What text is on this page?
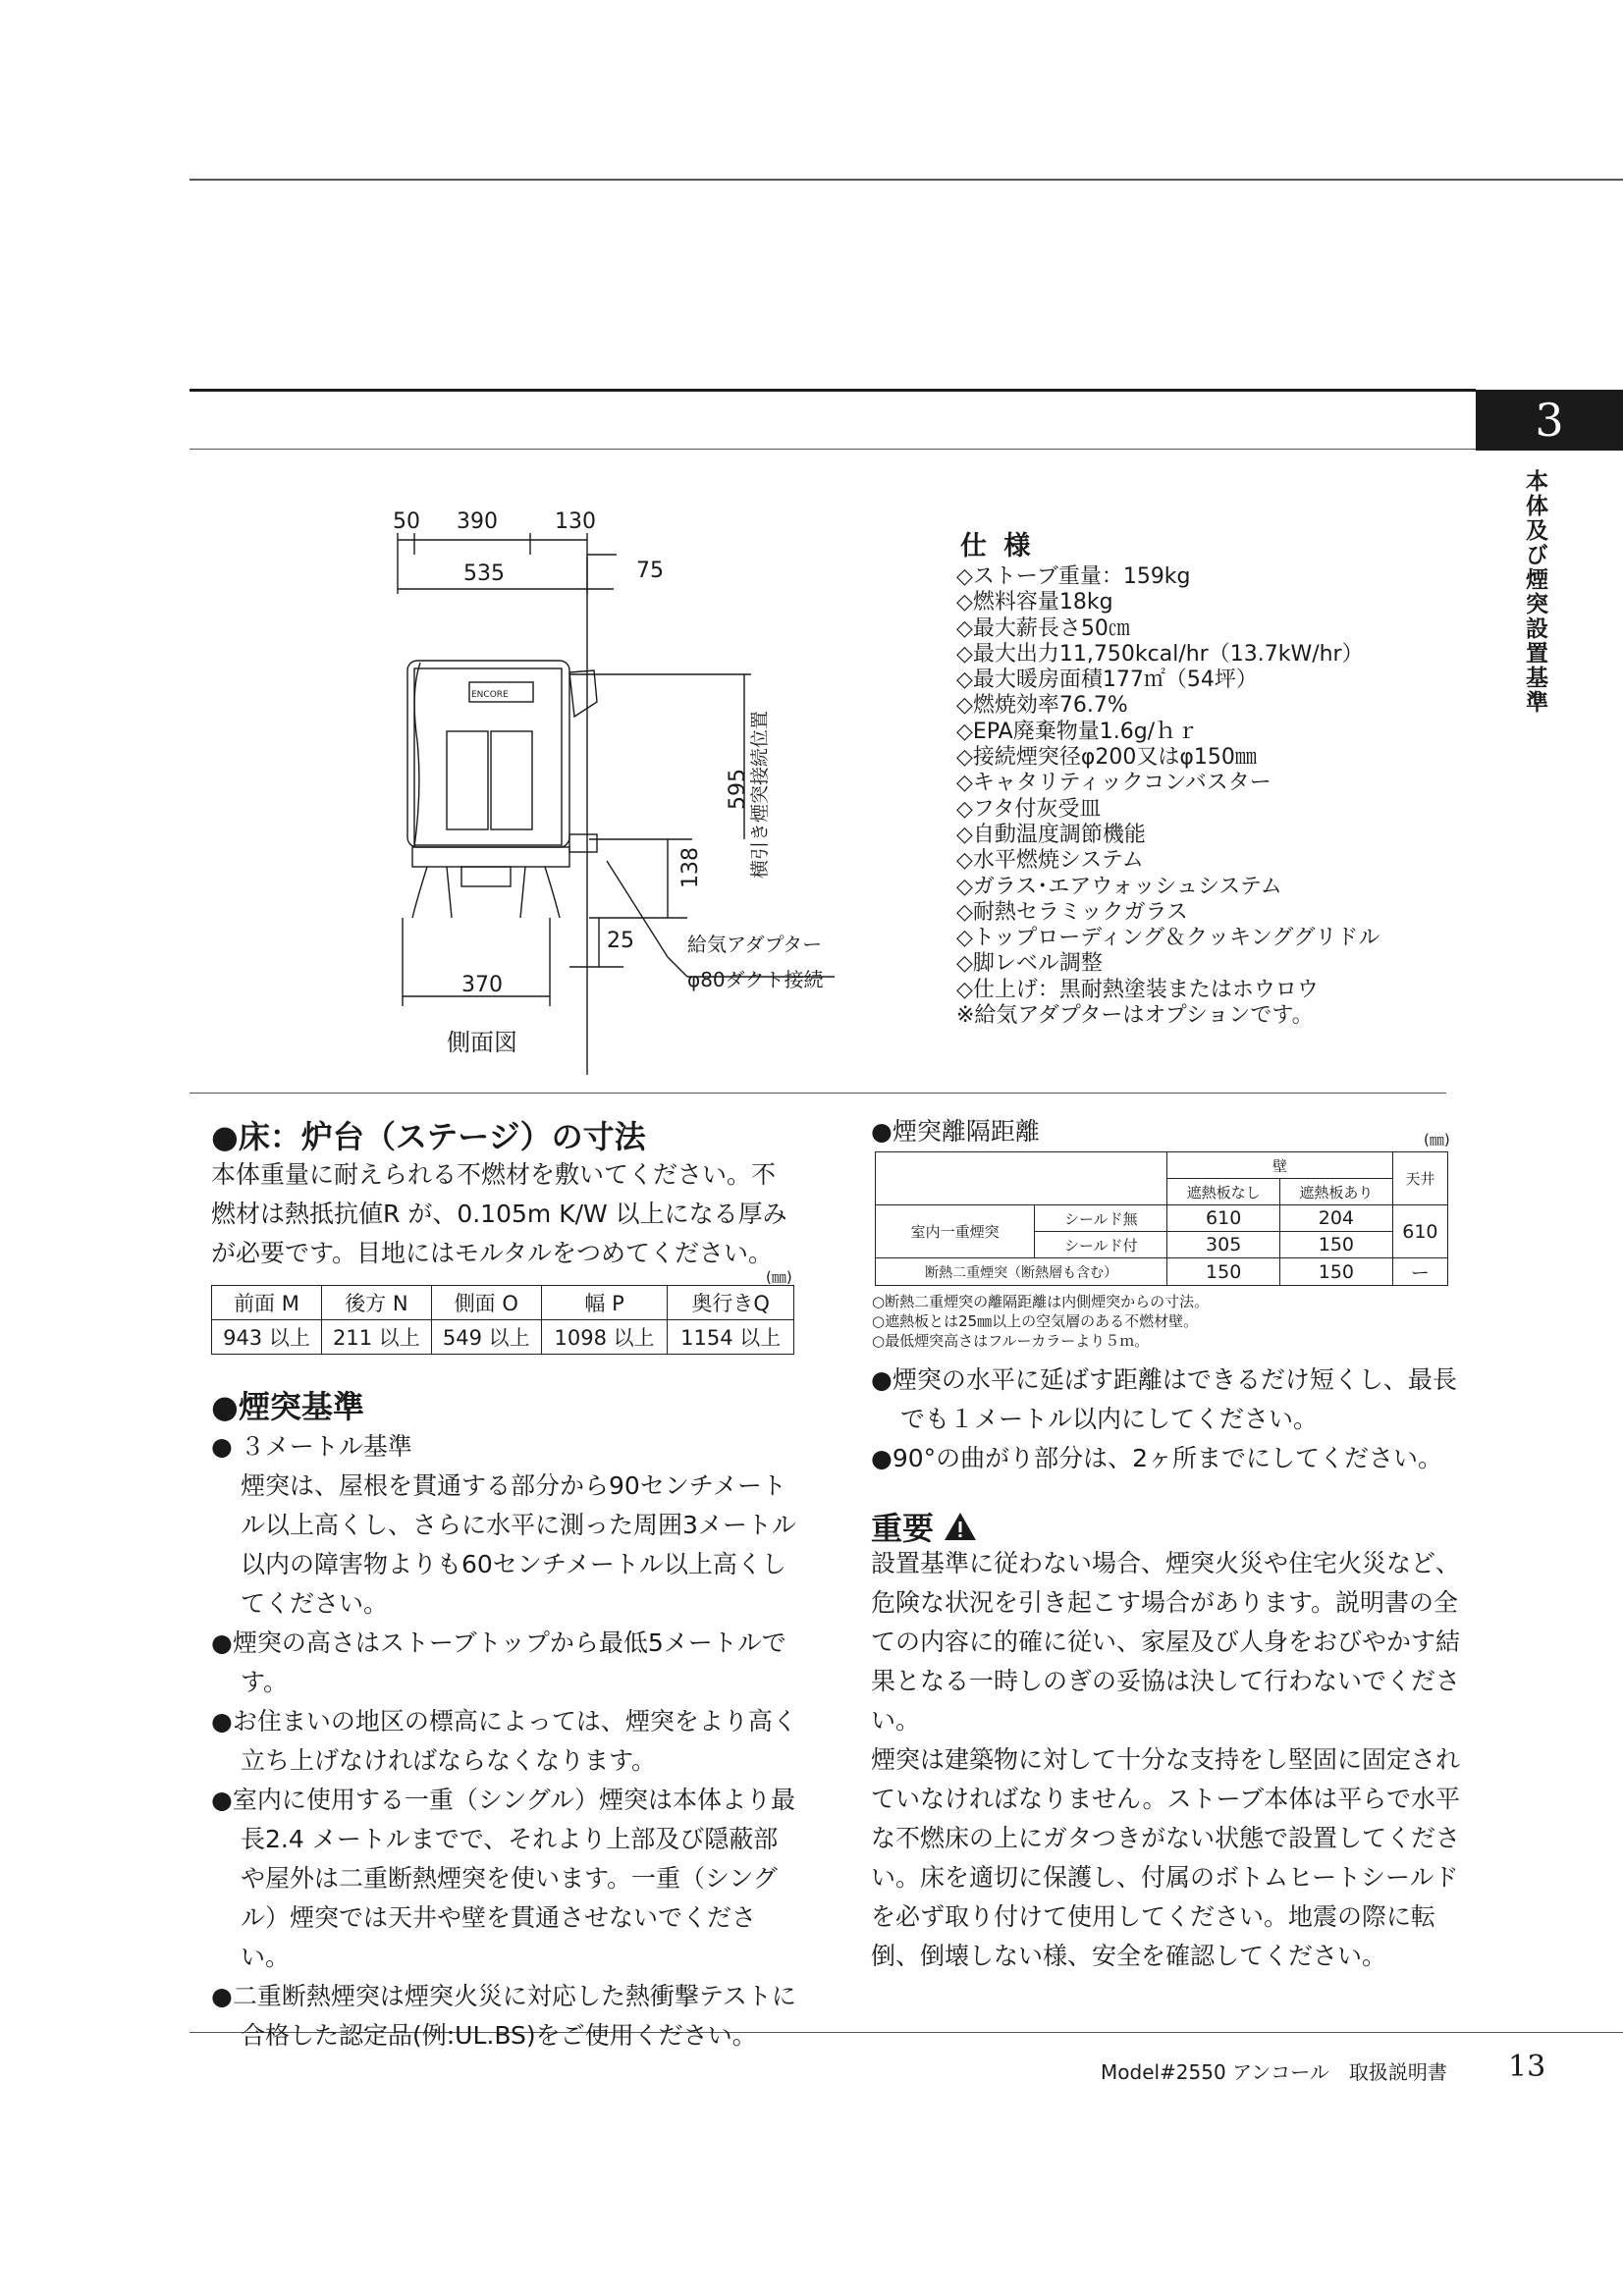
3
本体及び煙突設置基準
50 390	130
535	75
ENCORE
595 横引き煙突接続位置
138
25	給気アダプター
φ80ダクト接続
370
側面図
仕 様
◇ストーブ重量：159kg
◇燃料容量18kg
◇最大薪長さ50㎝
◇最大出力11,750kcal/hr（13.7kW/hr）
◇最大暖房面積177㎡（54坪）
◇燃焼効率76.7%
◇EPA廃棄物量1.6g/ｈｒ
◇接続煙突径φ200又はφ150㎜
◇キャタリティックコンバスター
◇フタ付灰受皿
◇自動温度調節機能
◇水平燃焼システム
◇ガラス･エアウォッシュシステム
◇耐熱セラミックガラス
◇トップローディング＆クッキンググリドル
◇脚レベル調整
◇仕上げ：黒耐熱塗装またはホウロウ
※給気アダプターはオプションです。
●床：炉台（ステージ）の寸法
本体重量に耐えられる不燃材を敷いてください。不燃材は熱抵抗値R が、0.105m K/W 以上になる厚みが必要です。目地にはモルタルをつめてください。
(㎜)
前面 M	後方 N	側面 O	幅 P	奥行きQ
943 以上	211 以上	549 以上	1098 以上	1154 以上
●煙突基準

● ３メートル基準

煙突は、屋根を貫通する部分から90センチメートル以上高くし、さらに水平に測った周囲3メートル以内の障害物よりも60センチメートル以上高くしてください。

●煙突の高さはストーブトップから最低5メートルです。
●お住まいの地区の標高によっては、煙突をより高く立ち上げなければならなくなります。
●室内に使用する一重（シングル）煙突は本体より最長2.4 メートルまでで、それより上部及び隠蔽部や屋外は二重断熱煙突を使います。一重（シングル）煙突では天井や壁を貫通させないでください。
●二重断熱煙突は煙突火災に対応した熱衝撃テストに合格した認定品(例:UL.BS)をご使用ください。
●煙突離隔距離	(㎜)
		壁		天井
		遮熱板なし	遮熱板あり	
室内一重煙突	シールド無	610	204	610
	シールド付	305	150	
断熱二重煙突（断熱層も含む）		150	150	ー
○断熱二重煙突の離隔距離は内側煙突からの寸法。
○遮熱板とは25㎜以上の空気層のある不燃材壁。
○最低煙突高さはフルーカラーより５ｍ。
●煙突の水平に延ばす距離はできるだけ短くし、最長でも１メートル以内にしてください。
●90°の曲がり部分は、2ヶ所までにしてください。
重要

設置基準に従わない場合、煙突火災や住宅火災など、危険な状況を引き起こす場合があります。説明書の全ての内容に的確に従い、家屋及び人身をおびやかす結果となる一時しのぎの妥協は決して行わないでください。

煙突は建築物に対して十分な支持をし堅固に固定されていなければなりません。ストーブ本体は平らで水平な不燃床の上にガタつきがない状態で設置してください。床を適切に保護し、付属のボトムヒートシールドを必ず取り付けて使用してください。地震の際に転倒、倒壊しない様、安全を確認してください。

Model#2550 アンコール　取扱説明書 13
